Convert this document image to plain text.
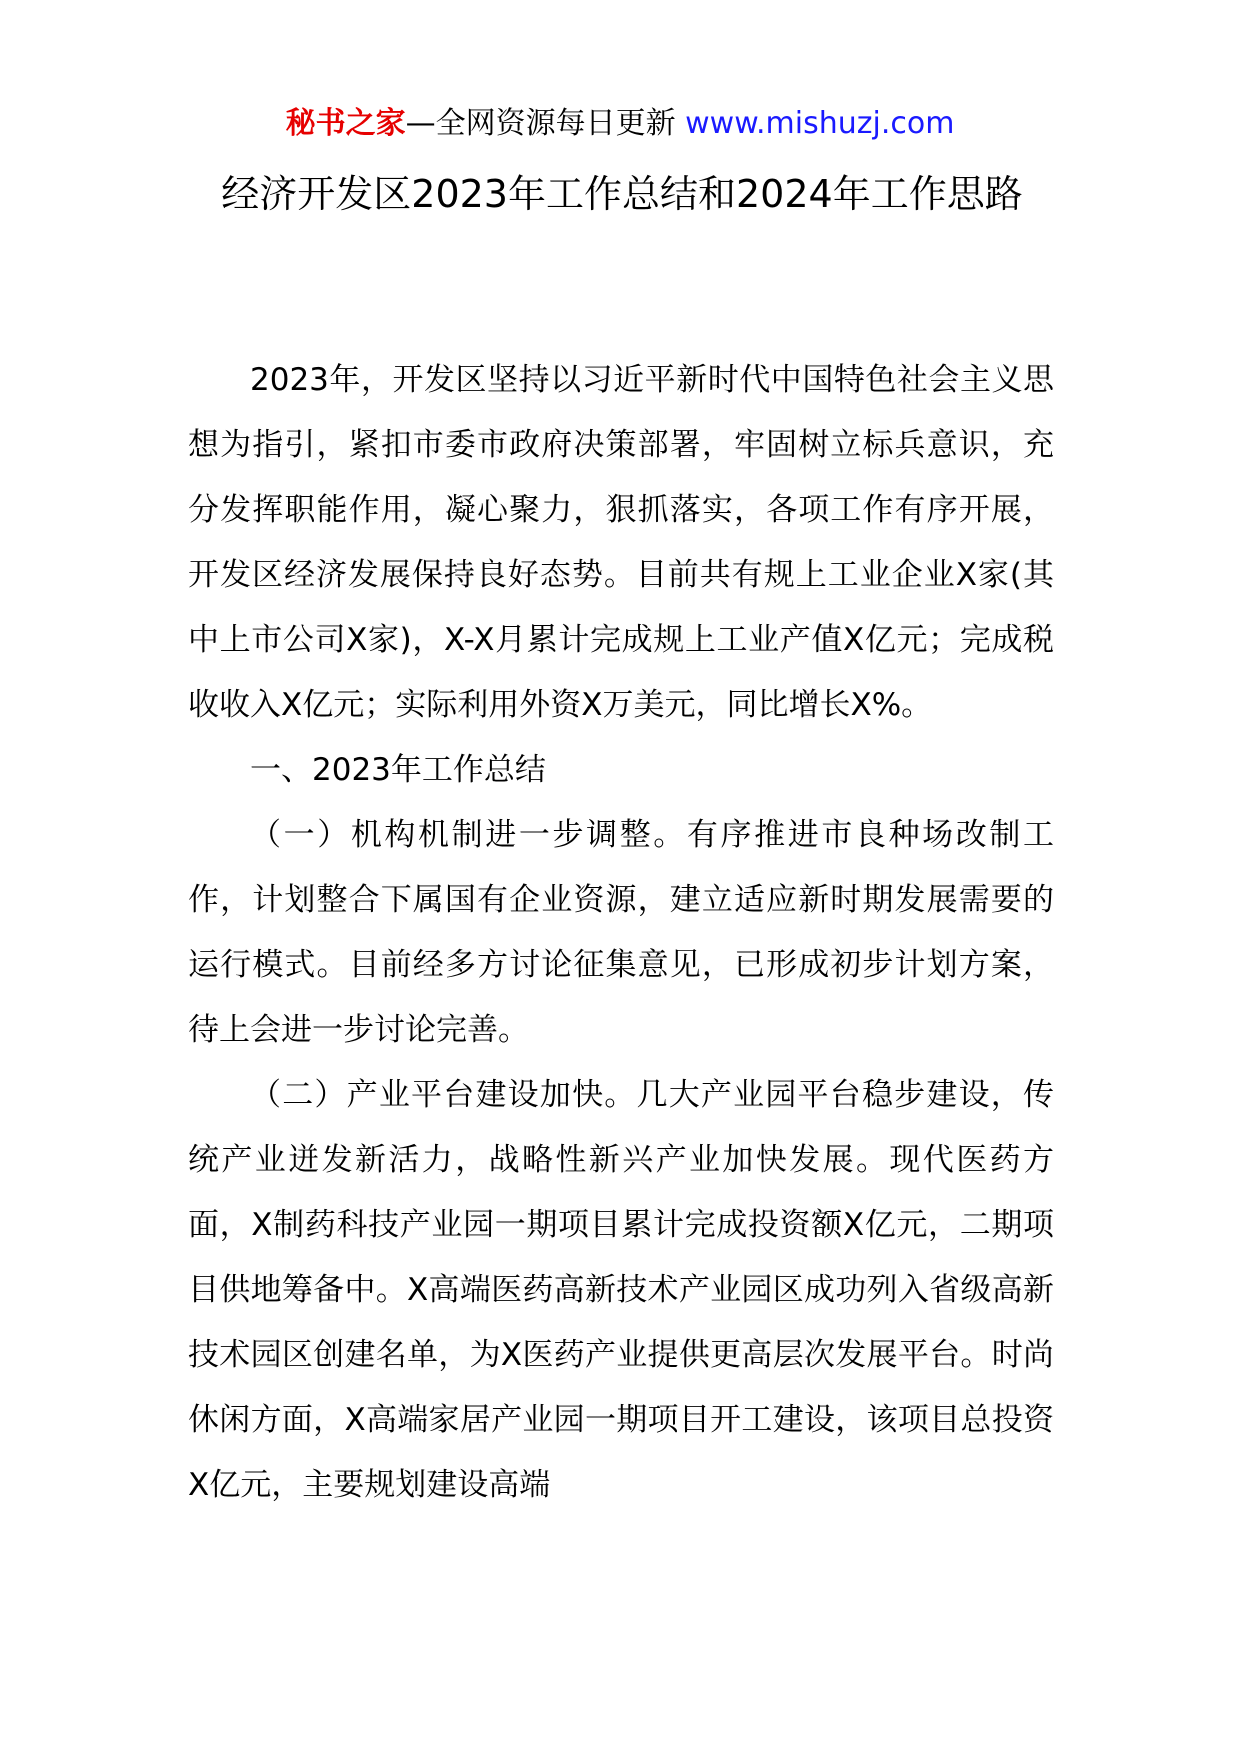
秘书之家—全网资源每日更新 www.mishuzj.com
经济开发区2023年工作总结和2024年工作思路

2023年，开发区坚持以习近平新时代中国特色社会主义思想为指引，紧扣市委市政府决策部署，牢固树立标兵意识，充分发挥职能作用，凝心聚力，狠抓落实，各项工作有序开展，开发区经济发展保持良好态势。目前共有规上工业企业X家(其中上市公司X家)，X-X月累计完成规上工业产值X亿元；完成税收收入X亿元；实际利用外资X万美元，同比增长X%。

一、2023年工作总结

（一）机构机制进一步调整。有序推进市良种场改制工作，计划整合下属国有企业资源，建立适应新时期发展需要的运行模式。目前经多方讨论征集意见，已形成初步计划方案，待上会进一步讨论完善。

（二）产业平台建设加快。几大产业园平台稳步建设，传统产业迸发新活力，战略性新兴产业加快发展。现代医药方面，X制药科技产业园一期项目累计完成投资额X亿元，二期项目供地筹备中。X高端医药高新技术产业园区成功列入省级高新技术园区创建名单，为X医药产业提供更高层次发展平台。时尚休闲方面，X高端家居产业园一期项目开工建设，该项目总投资X亿元，主要规划建设高端
